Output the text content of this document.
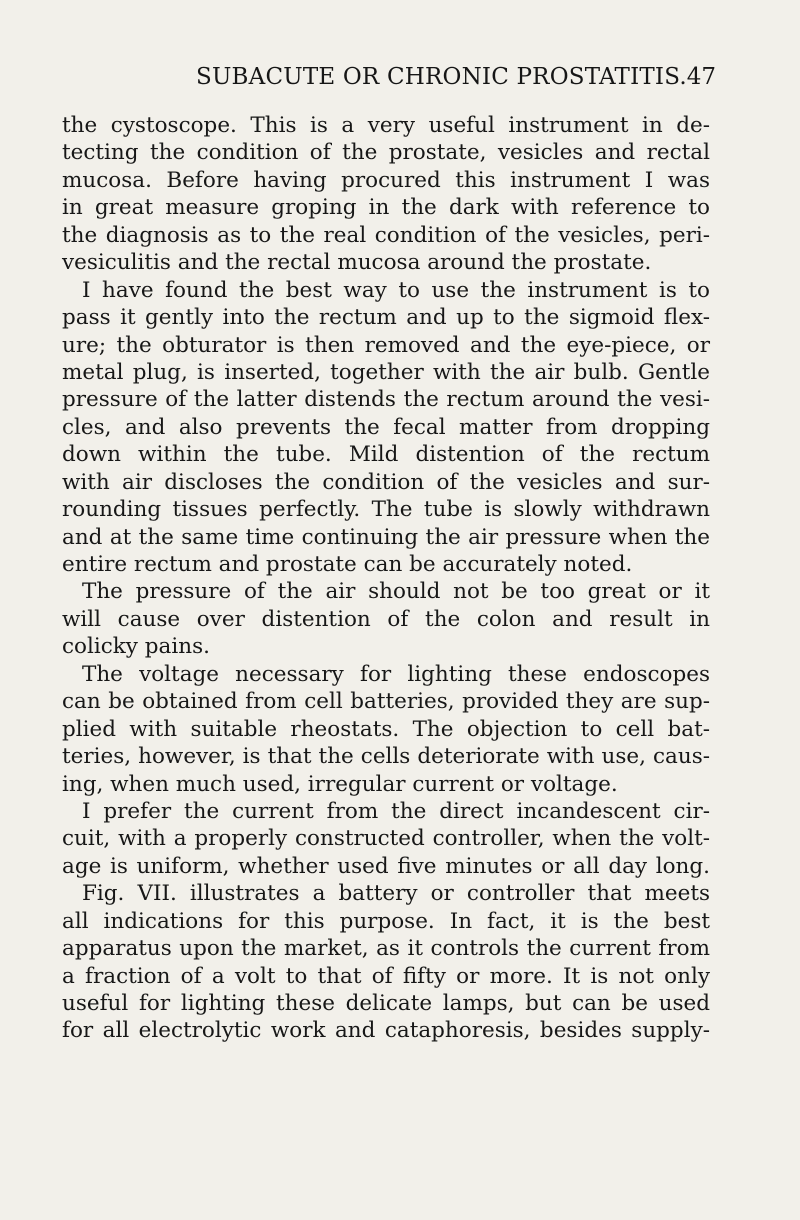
SUBACUTE OR CHRONIC PROSTATITIS. 47
the cystoscope. This is a very useful instrument in de-
tecting the condition of the prostate, vesicles and rectal
mucosa. Before having procured this instrument I was
in great measure groping in the dark with reference to
the diagnosis as to the real condition of the vesicles, peri-
vesiculitis and the rectal mucosa around the prostate.
I have found the best way to use the instrument is to
pass it gently into the rectum and up to the sigmoid flex-
ure; the obturator is then removed and the eye-piece, or
metal plug, is inserted, together with the air bulb. Gentle
pressure of the latter distends the rectum around the vesi-
cles, and also prevents the fecal matter from dropping
down within the tube. Mild distention of the rectum
with air discloses the condition of the vesicles and sur-
rounding tissues perfectly. The tube is slowly withdrawn
and at the same time continuing the air pressure when the
entire rectum and prostate can be accurately noted.
The pressure of the air should not be too great or it
will cause over distention of the colon and result in
colicky pains.
The voltage necessary for lighting these endoscopes
can be obtained from cell batteries, provided they are sup-
plied with suitable rheostats. The objection to cell bat-
teries, however, is that the cells deteriorate with use, caus-
ing, when much used, irregular current or voltage.
I prefer the current from the direct incandescent cir-
cuit, with a properly constructed controller, when the volt-
age is uniform, whether used five minutes or all day long.
Fig. VII. illustrates a battery or controller that meets
all indications for this purpose. In fact, it is the best
apparatus upon the market, as it controls the current from
a fraction of a volt to that of fifty or more. It is not only
useful for lighting these delicate lamps, but can be used
for all electrolytic work and cataphoresis, besides supply-
